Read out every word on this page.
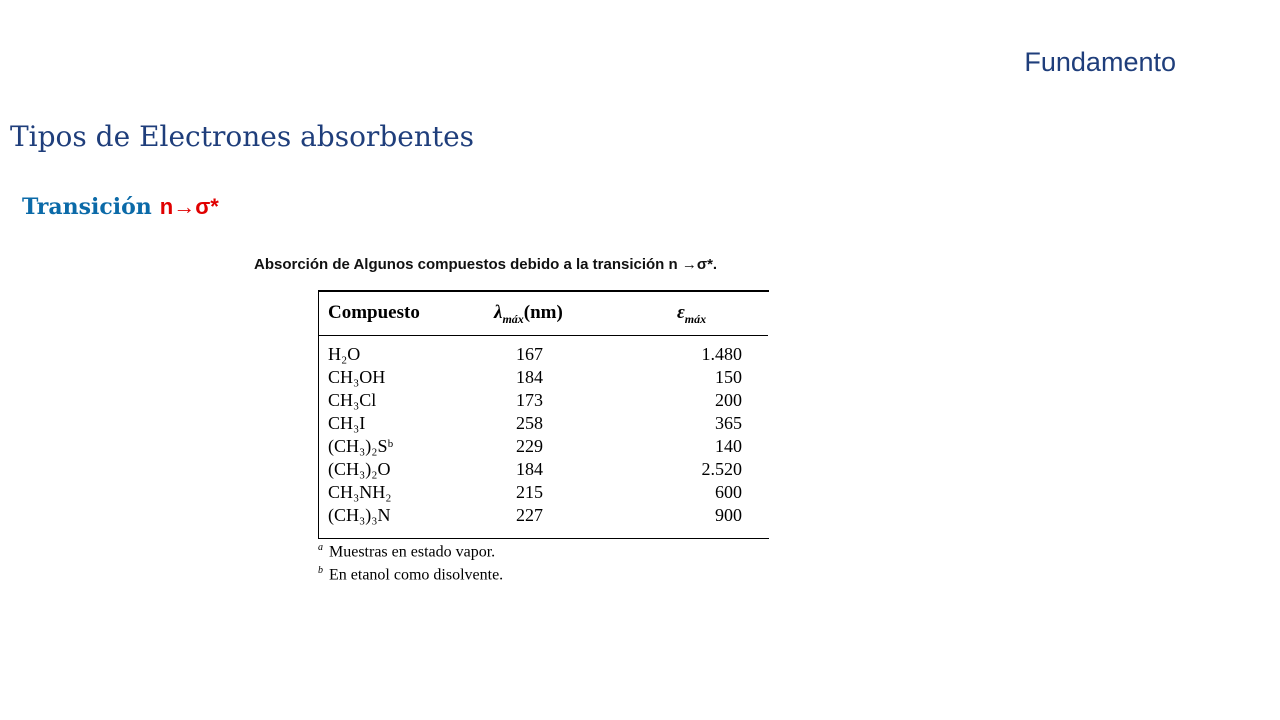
Fundamento
Tipos de Electrones absorbentes
Transición n→σ*
Absorción de Algunos compuestos debido a la transición n →σ*.
Compuesto	$\lambda_{máx}(nm)$	$\varepsilon_{máx}$
H₂O	167	1.480
CH₃OH	184	150
CH₃Cl	173	200
CH₃I	258	365
(CH₃)₂Sᵇ	229	140
(CH₃)₂O	184	2.520
CH₃NH₂	215	600
(CH₃)₃N	227	900
$^a$ Muestras en estado vapor.
$^b$ En etanol como disolvente.
